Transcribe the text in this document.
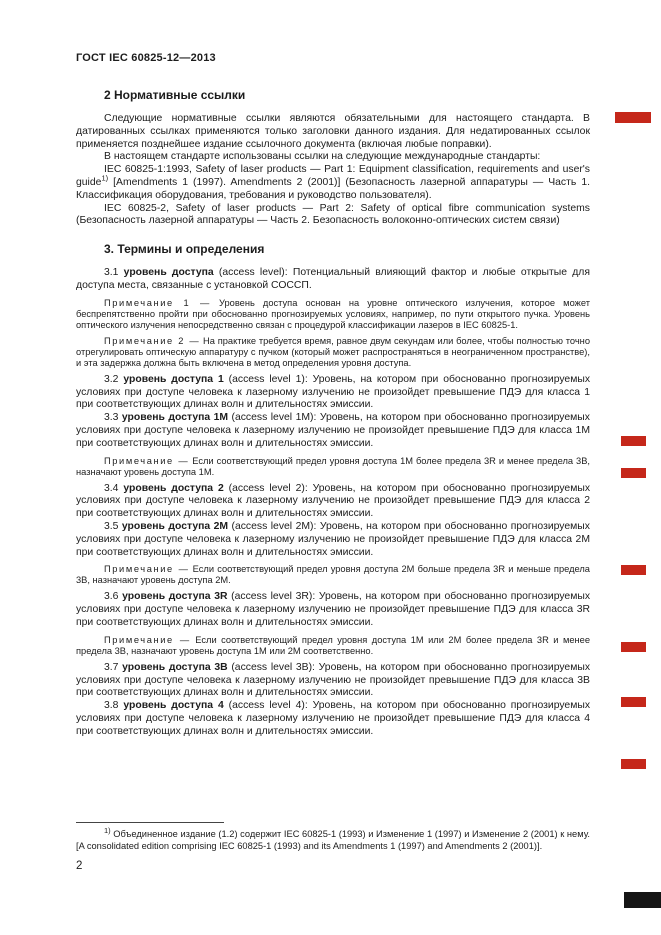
ГОСТ IEC 60825-12—2013
2 Нормативные ссылки

Следующие нормативные ссылки являются обязательными для настоящего стандарта. В датированных ссылках применяются только заголовки данного издания. Для недатированных ссылок применяется позднейшее издание ссылочного документа (включая любые поправки).

В настоящем стандарте использованы ссылки на следующие международные стандарты:

IEC 60825-1:1993, Safety of laser products — Part 1: Equipment classification, requirements and user's guide$^{1)}$ [Amendments 1 (1997). Amendments 2 (2001)] (Безопасность лазерной аппаратуры — Часть 1. Классификация оборудования, требования и руководство пользователя).

IEC 60825-2, Safety of laser products — Part 2: Safety of optical fibre communication systems (Безопасность лазерной аппаратуры — Часть 2. Безопасность волоконно-оптических систем связи)

3. Термины и определения

3.1 уровень доступа (access level): Потенциальный влияющий фактор и любые открытые для доступа места, связанные с установкой СОССП.

Примечание 1 — Уровень доступа основан на уровне оптического излучения, которое может беспрепятственно пройти при обоснованно прогнозируемых условиях, например, по пути открытого пучка. Уровень оптического излучения непосредственно связан с процедурой классификации лазеров в IEC 60825-1.

Примечание 2 — На практике требуется время, равное двум секундам или более, чтобы полностью точно отрегулировать оптическую аппаратуру с пучком (который может распространяться в неограниченном пространстве), и эта задержка должна быть включена в метод определения уровня доступа.

3.2 уровень доступа 1 (access level 1): Уровень, на котором при обоснованно прогнозируемых условиях при доступе человека к лазерному излучению не произойдет превышение ПДЭ для класса 1 при соответствующих длинах волн и длительностях эмиссии.

3.3 уровень доступа 1М (access level 1M): Уровень, на котором при обоснованно прогнозируемых условиях при доступе человека к лазерному излучению не произойдет превышение ПДЭ для класса 1М при соответствующих длинах волн и длительностях эмиссии.

Примечание — Если соответствующий предел уровня доступа 1М более предела 3R и менее предела 3В, назначают уровень доступа 1М.

3.4 уровень доступа 2 (access level 2): Уровень, на котором при обоснованно прогнозируемых условиях при доступе человека к лазерному излучению не произойдет превышение ПДЭ для класса 2 при соответствующих длинах волн и длительностях эмиссии.

3.5 уровень доступа 2М (access level 2M): Уровень, на котором при обоснованно прогнозируемых условиях при доступе человека к лазерному излучению не произойдет превышение ПДЭ для класса 2М при соответствующих длинах волн и длительностях эмиссии.

Примечание — Если соответствующий предел уровня доступа 2М больше предела 3R и меньше предела 3В, назначают уровень доступа 2М.

3.6 уровень доступа 3R (access level 3R): Уровень, на котором при обоснованно прогнозируемых условиях при доступе человека к лазерному излучению не произойдет превышение ПДЭ для класса 3R при соответствующих длинах волн и длительностях эмиссии.

Примечание — Если соответствующий предел уровня доступа 1М или 2М более предела 3R и менее предела 3В, назначают уровень доступа 1М или 2М соответственно.

3.7 уровень доступа 3В (access level 3B): Уровень, на котором при обоснованно прогнозируемых условиях при доступе человека к лазерному излучению не произойдет превышение ПДЭ для класса 3В при соответствующих длинах волн и длительностях эмиссии.

3.8 уровень доступа 4 (access level 4): Уровень, на котором при обоснованно прогнозируемых условиях при доступе человека к лазерному излучению не произойдет превышение ПДЭ для класса 4 при соответствующих длинах волн и длительностях эмиссии.

$^{1)}$ Объединенное издание (1.2) содержит IEC 60825-1 (1993) и Изменение 1 (1997) и Изменение 2 (2001) к нему. [A consolidated edition comprising IEC 60825-1 (1993) and its Amendments 1 (1997) and Amendments 2 (2001)].

2
